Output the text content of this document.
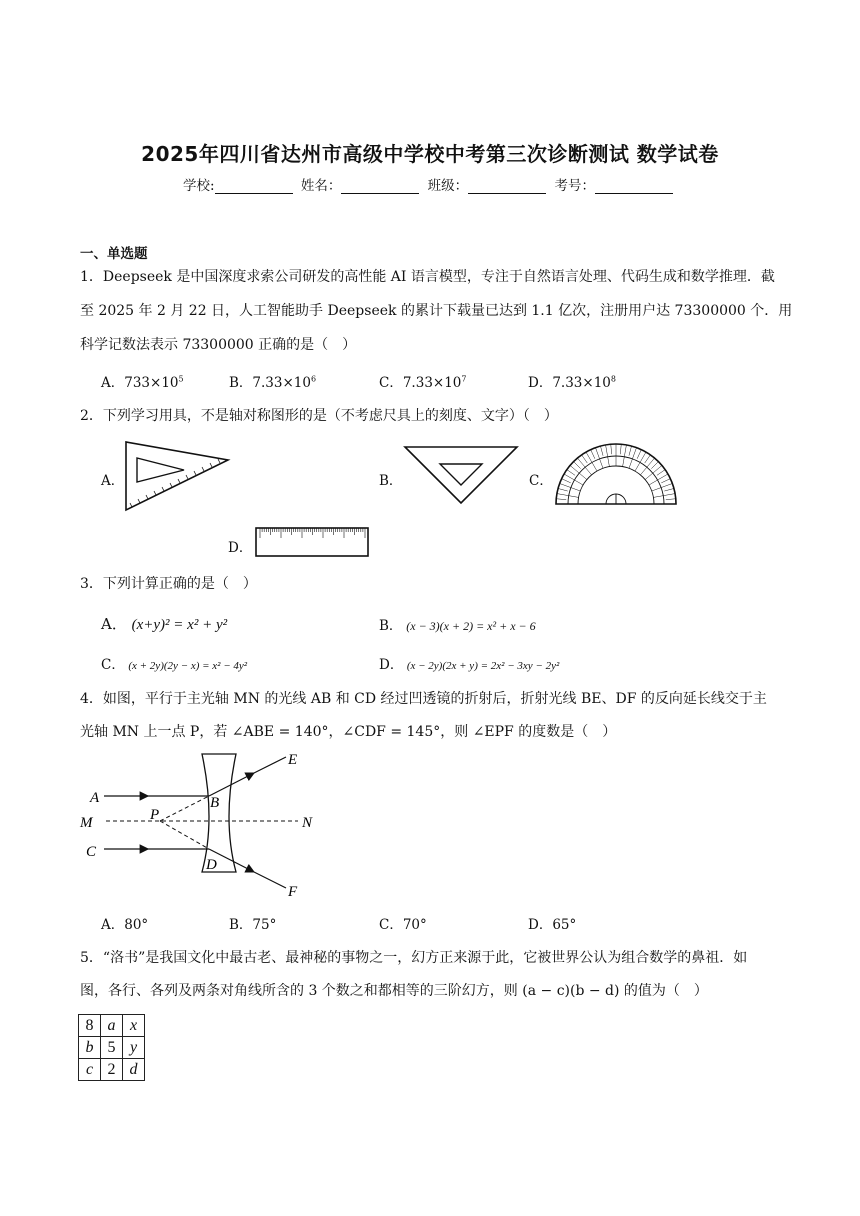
2025年四川省达州市高级中学校中考第三次诊断测试 数学试卷
学校:	姓名：	班级：	考号：
一、单选题
1．Deepseek 是中国深度求索公司研发的高性能 AI 语言模型，专注于自然语言处理、代码生成和数学推理．截
至 2025 年 2 月 22 日，人工智能助手 Deepseek 的累计下载量已达到 1.1 亿次，注册用户达 73300000 个．用
科学记数法表示 73300000 正确的是（　）
A．$733\times 10^5$	B．$7.33\times 10^6$	C．$7.33\times 10^7$	D．$7.33\times 10^8$
2．下列学习用具，不是轴对称图形的是（不考虑尺具上的刻度、文字）（　）
A．	B．	C．
D．
3．下列计算正确的是（　）
A． (x+y)² = x² + y²	B． (x − 3)(x + 2) = x² + x − 6
C． (x + 2y)(2y − x) = x² − 4y²	D． (x − 2y)(2x + y) = 2x² − 3xy − 2y²
4．如图，平行于主光轴 MN 的光线 AB 和 CD 经过凹透镜的折射后，折射光线 BE、DF 的反向延长线交于主
光轴 MN 上一点 P，若 ∠ABE = 140°，∠CDF = 145°，则 ∠EPF 的度数是（　）
A	B
C
D
E
F
M	N
P
A．80°	B．75°	C．70°	D．65°
5．“洛书”是我国文化中最古老、最神秘的事物之一，幻方正来源于此，它被世界公认为组合数学的鼻祖．如
图，各行、各列及两条对角线所含的 3 个数之和都相等的三阶幻方，则 (a − c)(b − d) 的值为（　）
8	a	x
b	5	y
c	2	d
